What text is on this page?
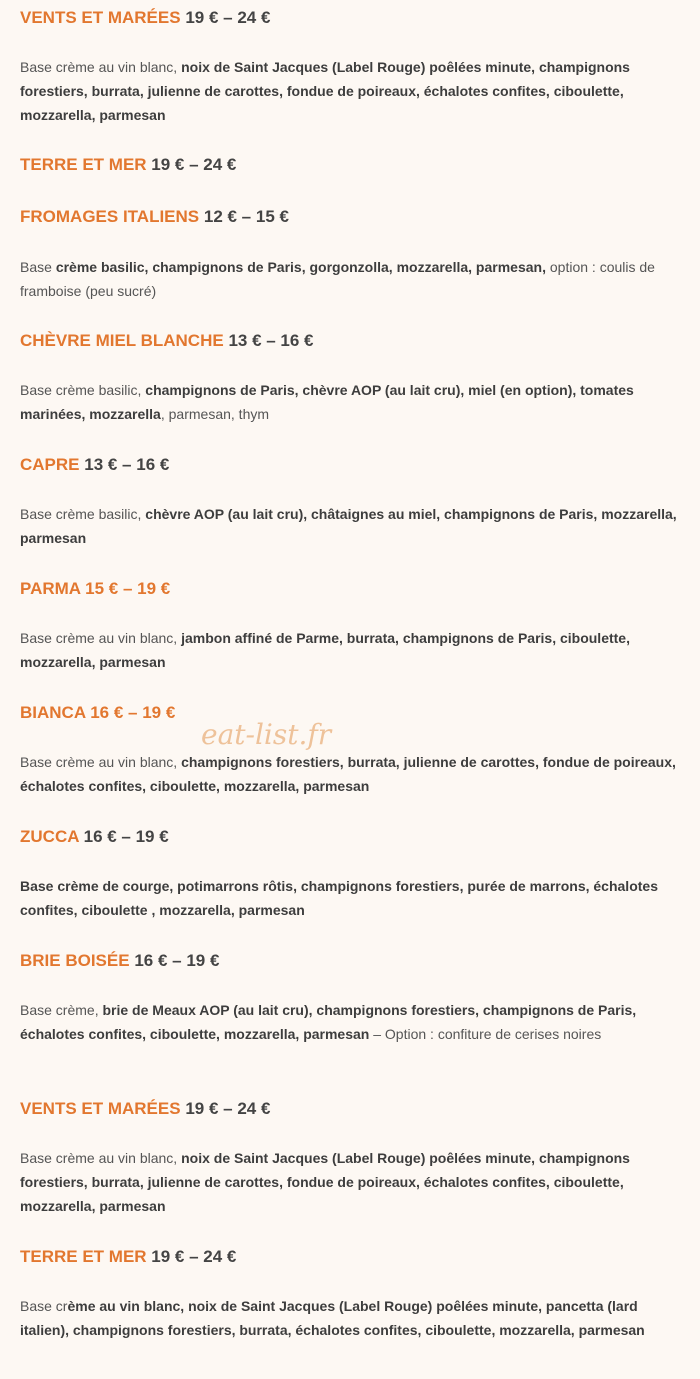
VENTS ET MARÉES 19 € – 24 €

Base crème au vin blanc, noix de Saint Jacques (Label Rouge) poêlées minute, champignons forestiers, burrata, julienne de carottes, fondue de poireaux, échalotes confites, ciboulette, mozzarella, parmesan

TERRE ET MER 19 € – 24 €
FROMAGES ITALIENS 12 € – 15 €

Base crème basilic, champignons de Paris, gorgonzolla, mozzarella, parmesan, option : coulis de framboise (peu sucré)

CHÈVRE MIEL BLANCHE 13 € – 16 €

Base crème basilic, champignons de Paris, chèvre AOP (au lait cru), miel (en option), tomates marinées, mozzarella, parmesan, thym

CAPRE 13 € – 16 €

Base crème basilic, chèvre AOP (au lait cru), châtaignes au miel, champignons de Paris, mozzarella, parmesan

PARMA 15 € – 19 €

Base crème au vin blanc, jambon affiné de Parme, burrata, champignons de Paris, ciboulette, mozzarella, parmesan

BIANCA 16 € – 19 €

Base crème au vin blanc, champignons forestiers, burrata, julienne de carottes, fondue de poireaux, échalotes confites, ciboulette, mozzarella, parmesan

ZUCCA 16 € – 19 €

Base crème de courge, potimarrons rôtis, champignons forestiers, purée de marrons, échalotes confites, ciboulette , mozzarella, parmesan

BRIE BOISÉE 16 € – 19 €

Base crème, brie de Meaux AOP (au lait cru), champignons forestiers, champignons de Paris, échalotes confites, ciboulette, mozzarella, parmesan – Option : confiture de cerises noires

VENTS ET MARÉES 19 € – 24 €

Base crème au vin blanc, noix de Saint Jacques (Label Rouge) poêlées minute, champignons forestiers, burrata, julienne de carottes, fondue de poireaux, échalotes confites, ciboulette, mozzarella, parmesan

TERRE ET MER 19 € – 24 €

Base crème au vin blanc, noix de Saint Jacques (Label Rouge) poêlées minute, pancetta (lard italien), champignons forestiers, burrata, échalotes confites, ciboulette, mozzarella, parmesan

eat-list.fr
